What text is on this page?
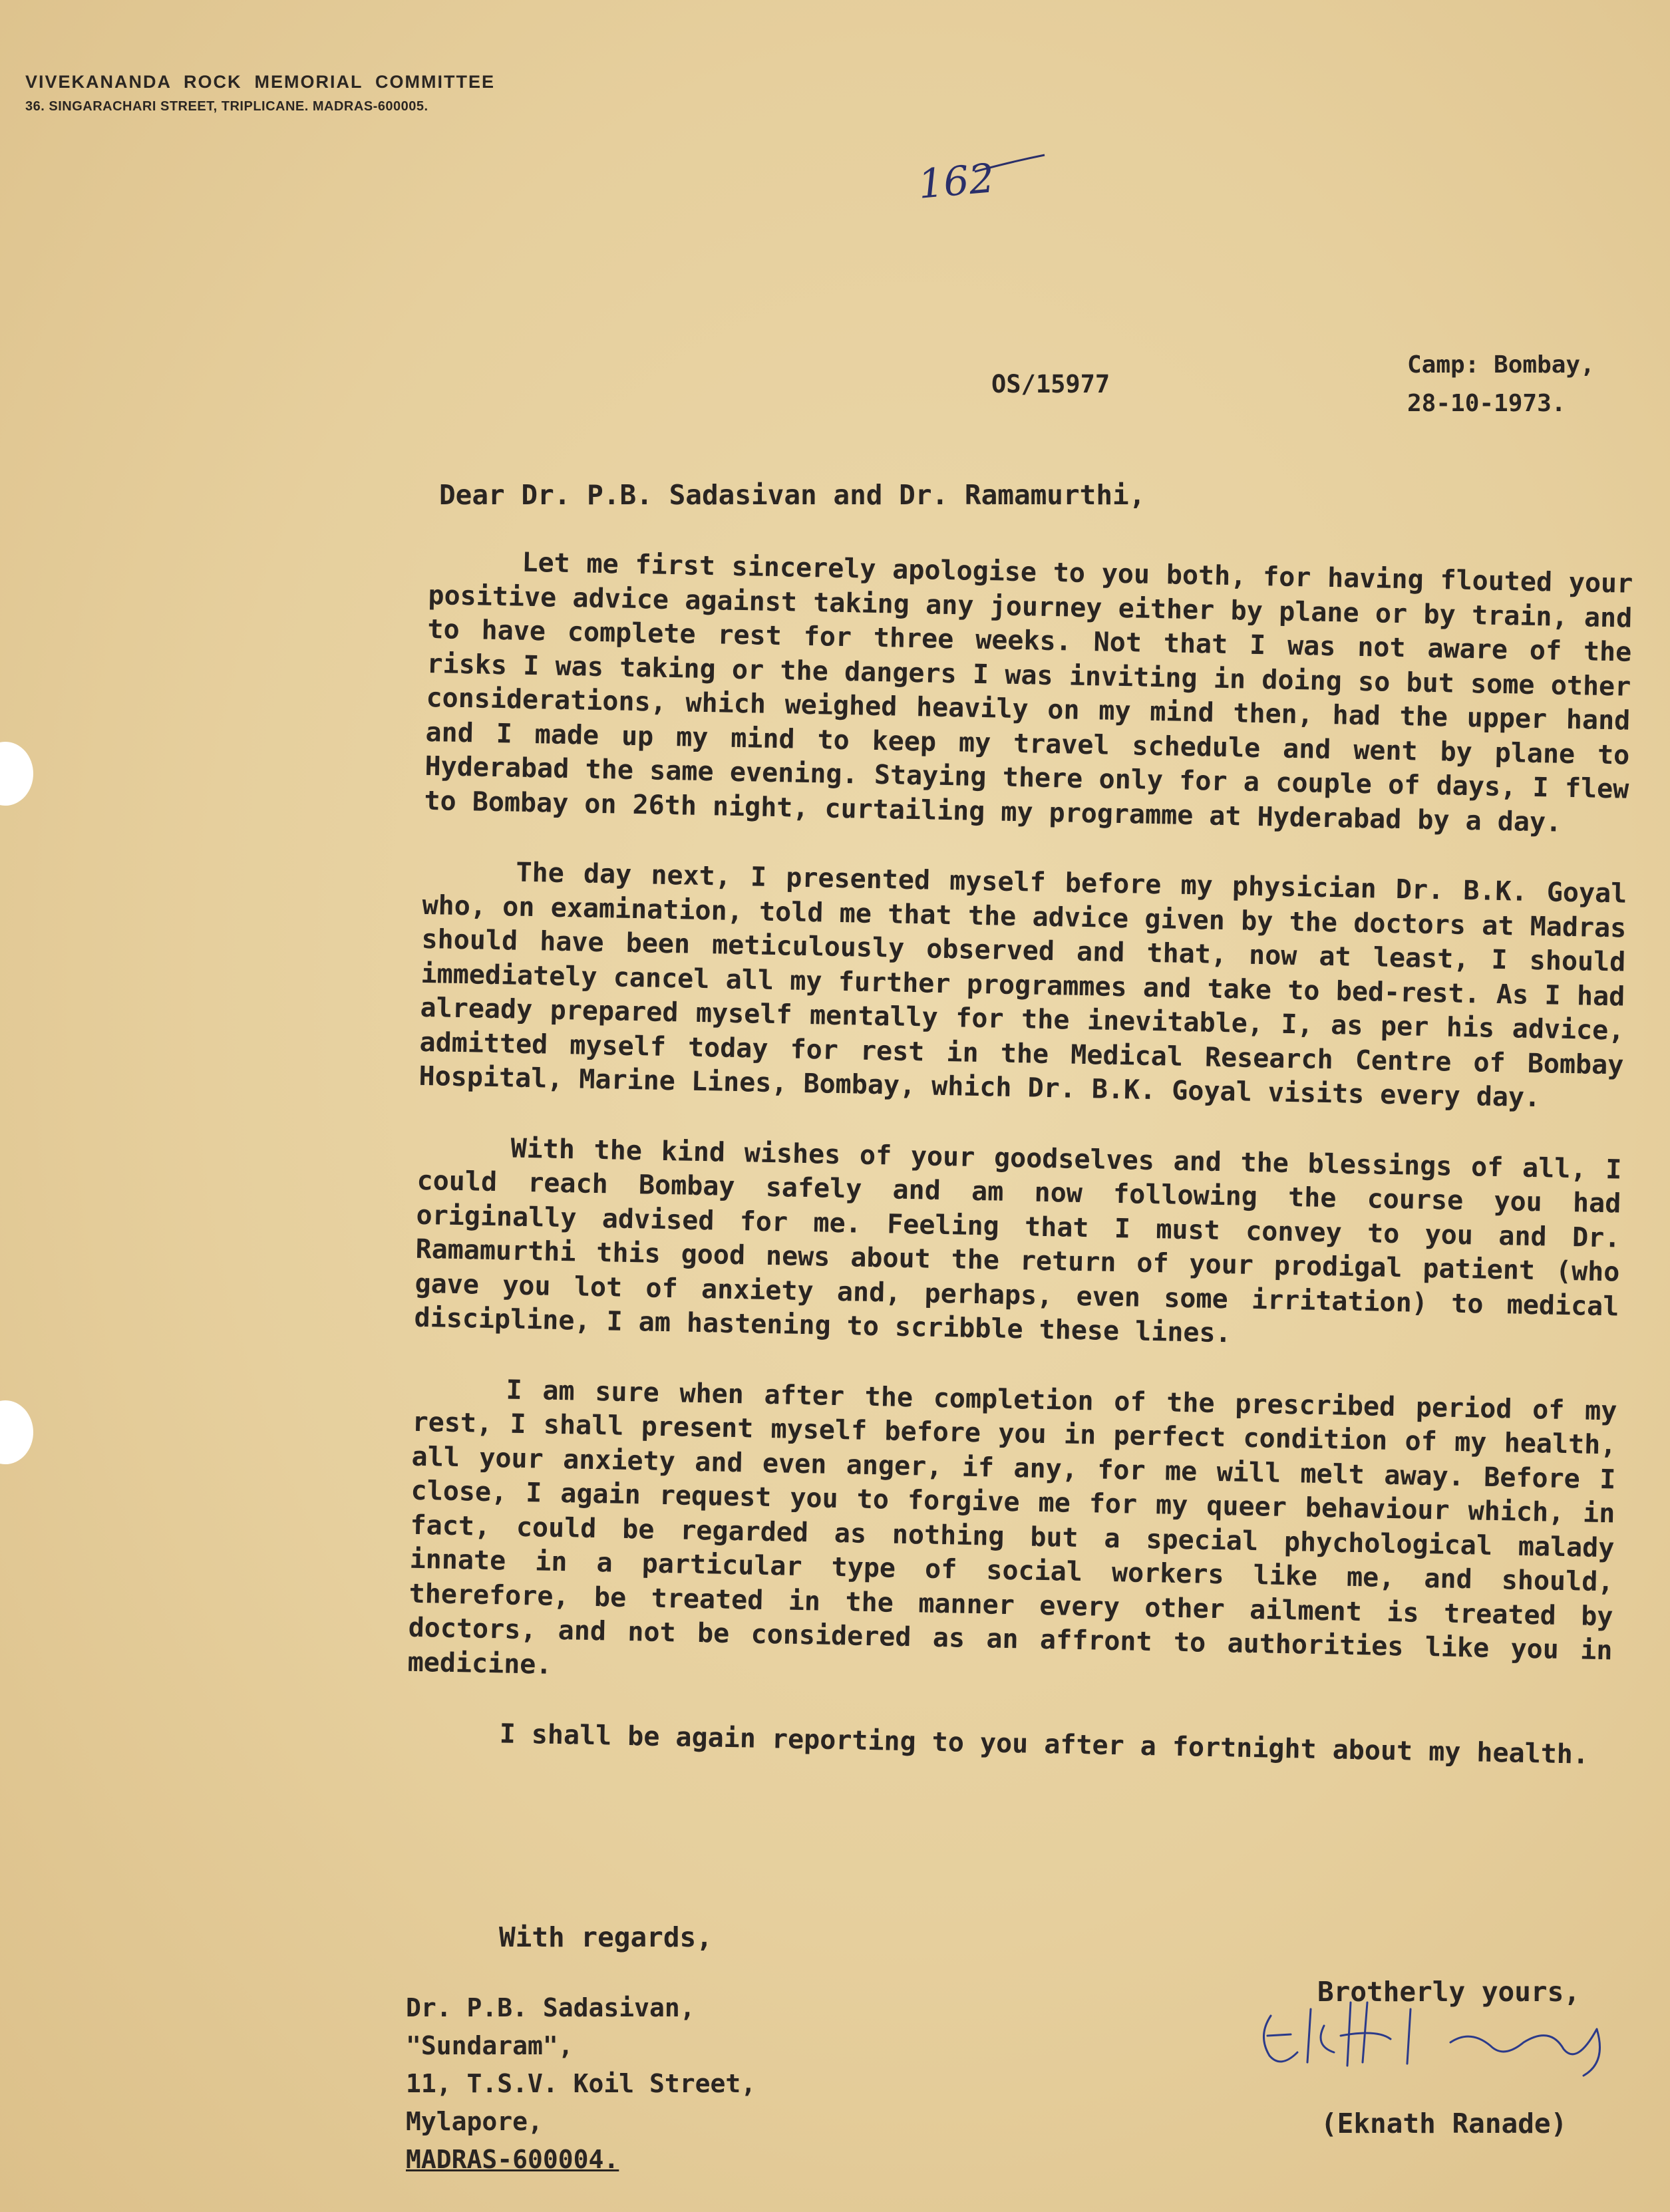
VIVEKANANDA  ROCK  MEMORIAL  COMMITTEE
36. SINGARACHARI STREET, TRIPLICANE. MADRAS-600005.
162
OS/15977
Camp: Bombay,
28-10-1973.
Dear Dr. P.B. Sadasivan and Dr. Ramamurthi,

Let me first sincerely apologise to you both, for having flouted your positive advice against taking any journey either by plane or by train, and to have complete rest for three weeks. Not that I was not aware of the risks I was taking or the dangers I was inviting in doing so but some other considerations, which weighed heavily on my mind then, had the upper hand and I made up my mind to keep my travel schedule and went by plane to Hyderabad the same evening. Staying there only for a couple of days, I flew to Bombay on 26th night, curtailing my programme at Hyderabad by a day.

The day next, I presented myself before my physician Dr. B.K. Goyal who, on examination, told me that the advice given by the doctors at Madras should have been meticulously observed and that, now at least, I should immediately cancel all my further programmes and take to bed-rest. As I had already prepared myself mentally for the inevitable, I, as per his advice, admitted myself today for rest in the Medical Research Centre of Bombay Hospital, Marine Lines, Bombay, which Dr. B.K. Goyal visits every day.

With the kind wishes of your goodselves and the blessings of all, I could reach Bombay safely and am now following the course you had originally advised for me. Feeling that I must convey to you and Dr. Ramamurthi this good news about the return of your prodigal patient (who gave you lot of anxiety and, perhaps, even some irritation) to medical discipline, I am hastening to scribble these lines.

I am sure when after the completion of the prescribed period of my rest, I shall present myself before you in perfect condition of my health, all your anxiety and even anger, if any, for me will melt away. Before I close, I again request you to forgive me for my queer behaviour which, in fact, could be regarded as nothing but a special phychological malady innate in a particular type of social workers like me, and should, therefore, be treated in the manner every other ailment is treated by doctors, and not be considered as an affront to authorities like you in medicine.

I shall be again reporting to you after a fortnight about my health.

With regards,
Brotherly yours,
Dr. P.B. Sadasivan,
"Sundaram",
11, T.S.V. Koil Street,
Mylapore,
MADRAS-600004.
(Eknath Ranade)
